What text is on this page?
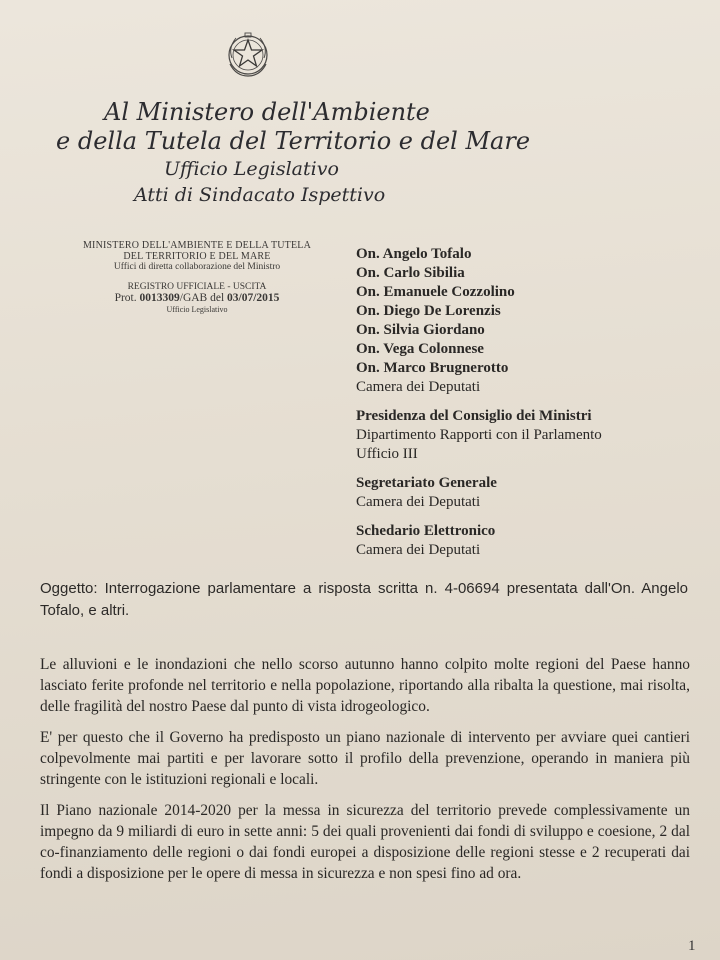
Al Ministero dell'Ambiente
e della Tutela del Territorio e del Mare
Ufficio Legislativo
Atti di Sindacato Ispettivo
MINISTERO DELL'AMBIENTE E DELLA TUTELA
DEL TERRITORIO E DEL MARE
Uffici di diretta collaborazione del Ministro
REGISTRO UFFICIALE - USCITA
Prot. 0013309/GAB del 03/07/2015
Ufficio Legislativo
On. Angelo Tofalo
On. Carlo Sibilia
On. Emanuele Cozzolino
On. Diego De Lorenzis
On. Silvia Giordano
On. Vega Colonnese
On. Marco Brugnerotto
Camera dei Deputati
Presidenza del Consiglio dei Ministri
Dipartimento Rapporti con il Parlamento
Ufficio III
Segretariato Generale
Camera dei Deputati
Schedario Elettronico
Camera dei Deputati
Oggetto: Interrogazione parlamentare a risposta scritta n. 4-06694 presentata dall'On. Angelo Tofalo, e altri.

Le alluvioni e le inondazioni che nello scorso autunno hanno colpito molte regioni del Paese hanno lasciato ferite profonde nel territorio e nella popolazione, riportando alla ribalta la questione, mai risolta, delle fragilità del nostro Paese dal punto di vista idrogeologico.

E' per questo che il Governo ha predisposto un piano nazionale di intervento per avviare quei cantieri colpevolmente mai partiti e per lavorare sotto il profilo della prevenzione, operando in maniera più stringente con le istituzioni regionali e locali.

Il Piano nazionale 2014-2020 per la messa in sicurezza del territorio prevede complessivamente un impegno da 9 miliardi di euro in sette anni: 5 dei quali provenienti dai fondi di sviluppo e coesione, 2 dal co-finanziamento delle regioni o dai fondi europei a disposizione delle regioni stesse e 2 recuperati dai fondi a disposizione per le opere di messa in sicurezza e non spesi fino ad ora.

1
